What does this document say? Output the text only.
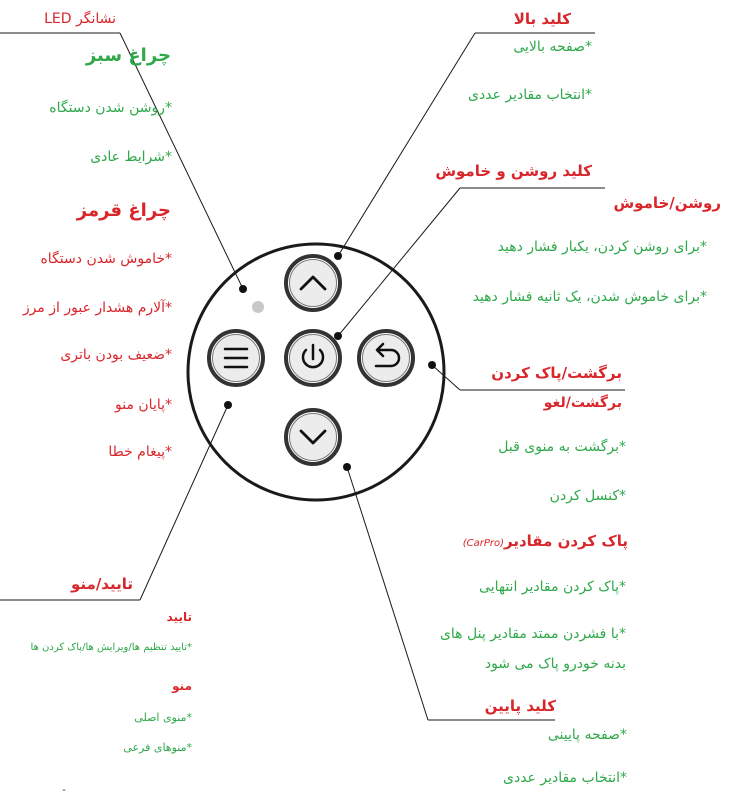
نشانگر LED
چراغ سبز
*روشن شدن دستگاه
*شرایط عادی
چراغ قرمز
*خاموش شدن دستگاه
*آلارم هشدار عبور از مرز
*ضعیف بودن باتری
*پایان منو
*پیغام خطا
کلید بالا
*صفحه بالایی
*انتخاب مقادیر عددی
کلید روشن و خاموش
روشن/خاموش
*برای روشن کردن، یکبار فشار دهید
*برای خاموش شدن، یک ثانیه فشار دهید
برگشت/پاک کردن
برگشت/لغو
*برگشت به منوی قبل
*کنسل کردن
پاک کردن مقادیر(CarPro)
*پاک کردن مقادیر انتهایی
*با فشردن ممتد مقادیر پنل های
بدنه خودرو پاک می شود
تایید/منو
تایید
*تایید تنظیم ها/ویرایش ها/پاک کردن ها
منو
*منوی اصلی
*منوهای فرعی
کلید پایین
*صفحه پایینی
*انتخاب مقادیر عددی
-
